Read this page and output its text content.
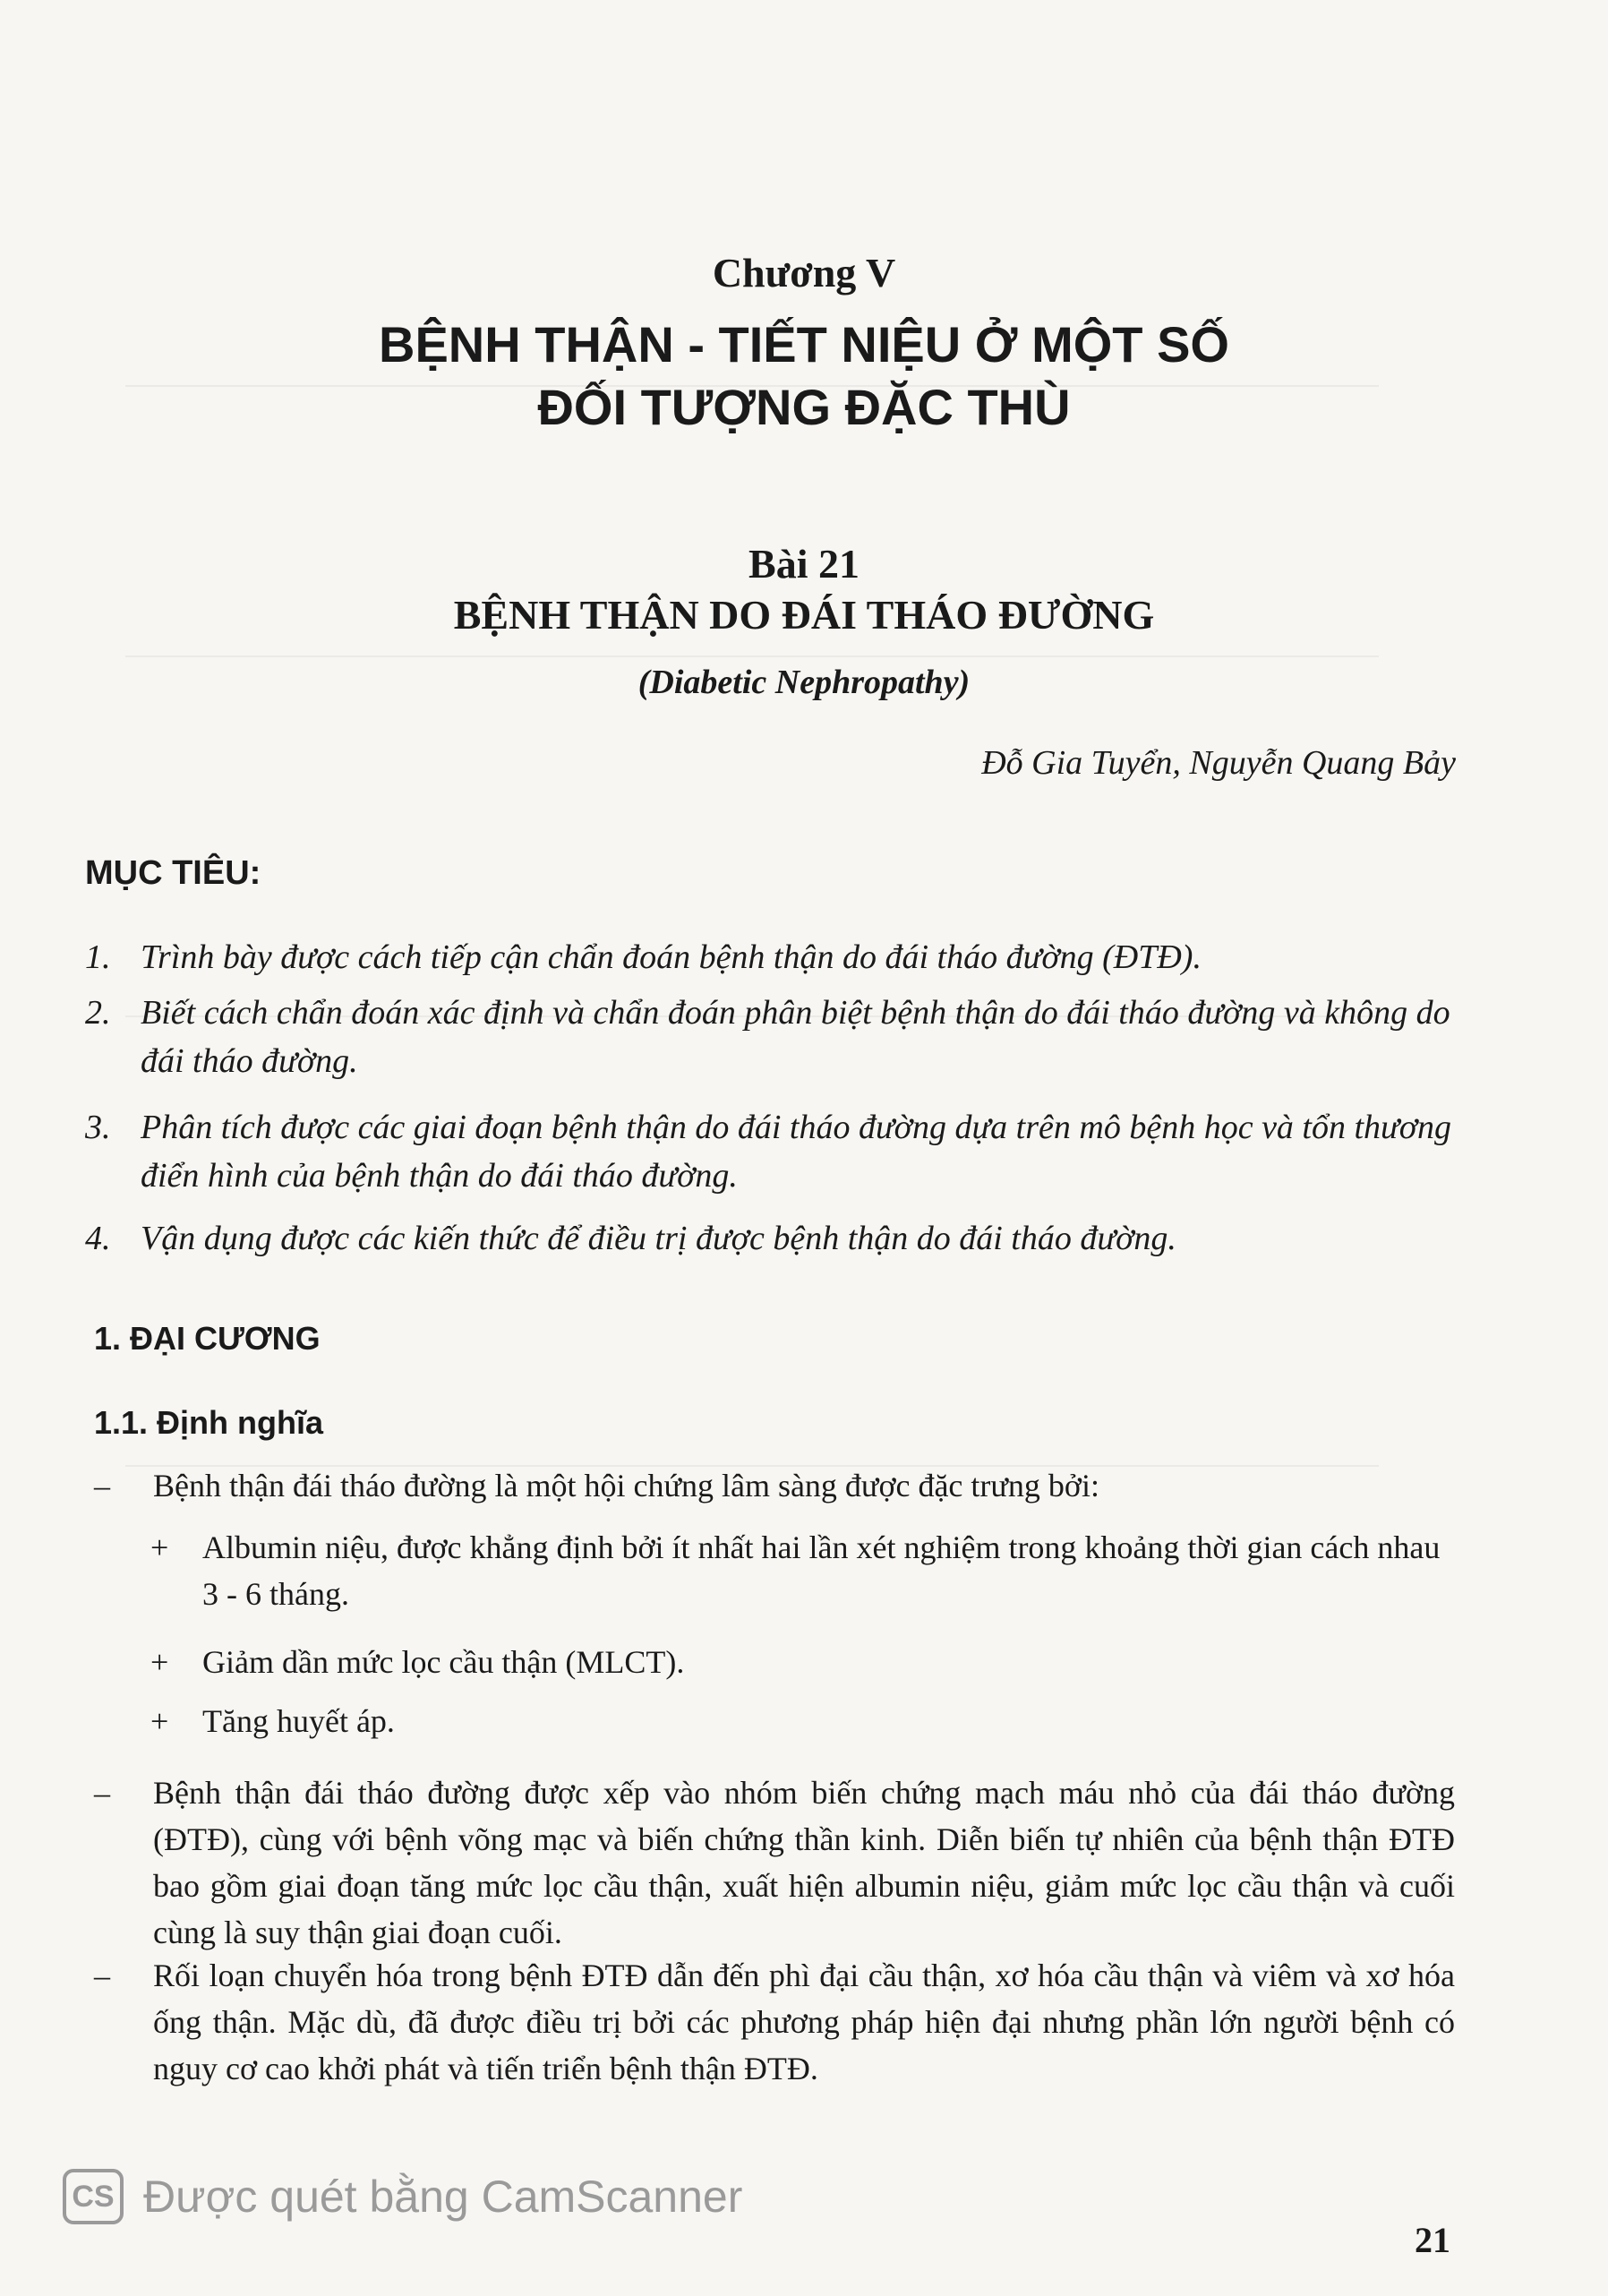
Chương V
BỆNH THẬN - TIẾT NIỆU Ở MỘT SỐ
ĐỐI TƯỢNG ĐẶC THÙ
Bài 21
BỆNH THẬN DO ĐÁI THÁO ĐƯỜNG
(Diabetic Nephropathy)
Đỗ Gia Tuyển, Nguyễn Quang Bảy
MỤC TIÊU:
1. Trình bày được cách tiếp cận chẩn đoán bệnh thận do đái tháo đường (ĐTĐ).
2. Biết cách chẩn đoán xác định và chẩn đoán phân biệt bệnh thận do đái tháo đường và không do đái tháo đường.
3. Phân tích được các giai đoạn bệnh thận do đái tháo đường dựa trên mô bệnh học và tổn thương điển hình của bệnh thận do đái tháo đường.
4. Vận dụng được các kiến thức để điều trị được bệnh thận do đái tháo đường.
1. ĐẠI CƯƠNG
1.1. Định nghĩa
–	Bệnh thận đái tháo đường là một hội chứng lâm sàng được đặc trưng bởi:
+	Albumin niệu, được khẳng định bởi ít nhất hai lần xét nghiệm trong khoảng thời gian cách nhau 3 - 6 tháng.
+	Giảm dần mức lọc cầu thận (MLCT).
+	Tăng huyết áp.
–	Bệnh thận đái tháo đường được xếp vào nhóm biến chứng mạch máu nhỏ của đái tháo đường (ĐTĐ), cùng với bệnh võng mạc và biến chứng thần kinh. Diễn biến tự nhiên của bệnh thận ĐTĐ bao gồm giai đoạn tăng mức lọc cầu thận, xuất hiện albumin niệu, giảm mức lọc cầu thận và cuối cùng là suy thận giai đoạn cuối.
–	Rối loạn chuyển hóa trong bệnh ĐTĐ dẫn đến phì đại cầu thận, xơ hóa cầu thận và viêm và xơ hóa ống thận. Mặc dù, đã được điều trị bởi các phương pháp hiện đại nhưng phần lớn người bệnh có nguy cơ cao khởi phát và tiến triển bệnh thận ĐTĐ.
CS Được quét bằng CamScanner
21
